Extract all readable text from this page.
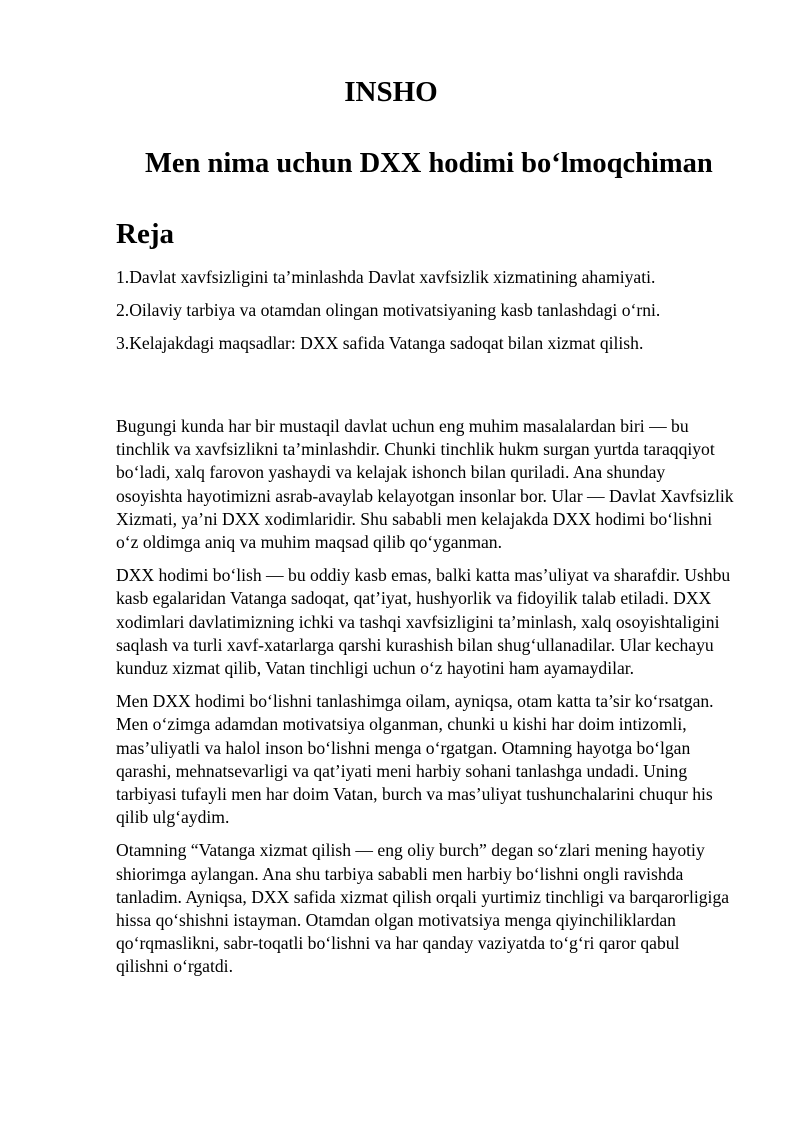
INSHO
Men nima uchun DXX hodimi bo‘lmoqchiman
Reja
1.Davlat xavfsizligini ta’minlashda Davlat xavfsizlik xizmatining ahamiyati.
2.Oilaviy tarbiya va otamdan olingan motivatsiyaning kasb tanlashdagi o‘rni.
3.Kelajakdagi maqsadlar: DXX safida Vatanga sadoqat bilan xizmat qilish.

Bugungi kunda har bir mustaqil davlat uchun eng muhim masalalardan biri — bu tinchlik va xavfsizlikni ta’minlashdir. Chunki tinchlik hukm surgan yurtda taraqqiyot bo‘ladi, xalq farovon yashaydi va kelajak ishonch bilan quriladi. Ana shunday osoyishta hayotimizni asrab-avaylab kelayotgan insonlar bor. Ular — Davlat Xavfsizlik Xizmati, ya’ni DXX xodimlaridir. Shu sababli men kelajakda DXX hodimi bo‘lishni o‘z oldimga aniq va muhim maqsad qilib qo‘yganman.

DXX hodimi bo‘lish — bu oddiy kasb emas, balki katta mas’uliyat va sharafdir. Ushbu kasb egalaridan Vatanga sadoqat, qat’iyat, hushyorlik va fidoyilik talab etiladi. DXX xodimlari davlatimizning ichki va tashqi xavfsizligini ta’minlash, xalq osoyishtaligini saqlash va turli xavf-xatarlarga qarshi kurashish bilan shug‘ullanadilar. Ular kechayu kunduz xizmat qilib, Vatan tinchligi uchun o‘z hayotini ham ayamaydilar.

Men DXX hodimi bo‘lishni tanlashimga oilam, ayniqsa, otam katta ta’sir ko‘rsatgan. Men o‘zimga adamdan motivatsiya olganman, chunki u kishi har doim intizomli, mas’uliyatli va halol inson bo‘lishni menga o‘rgatgan. Otamning hayotga bo‘lgan qarashi, mehnatsevarligi va qat’iyati meni harbiy sohani tanlashga undadi. Uning tarbiyasi tufayli men har doim Vatan, burch va mas’uliyat tushunchalarini chuqur his qilib ulg‘aydim.

Otamning “Vatanga xizmat qilish — eng oliy burch” degan so‘zlari mening hayotiy shiorimga aylangan. Ana shu tarbiya sababli men harbiy bo‘lishni ongli ravishda tanladim. Ayniqsa, DXX safida xizmat qilish orqali yurtimiz tinchligi va barqarorligiga hissa qo‘shishni istayman. Otamdan olgan motivatsiya menga qiyinchiliklardan qo‘rqmaslikni, sabr-toqatli bo‘lishni va har qanday vaziyatda to‘g‘ri qaror qabul qilishni o‘rgatdi.
